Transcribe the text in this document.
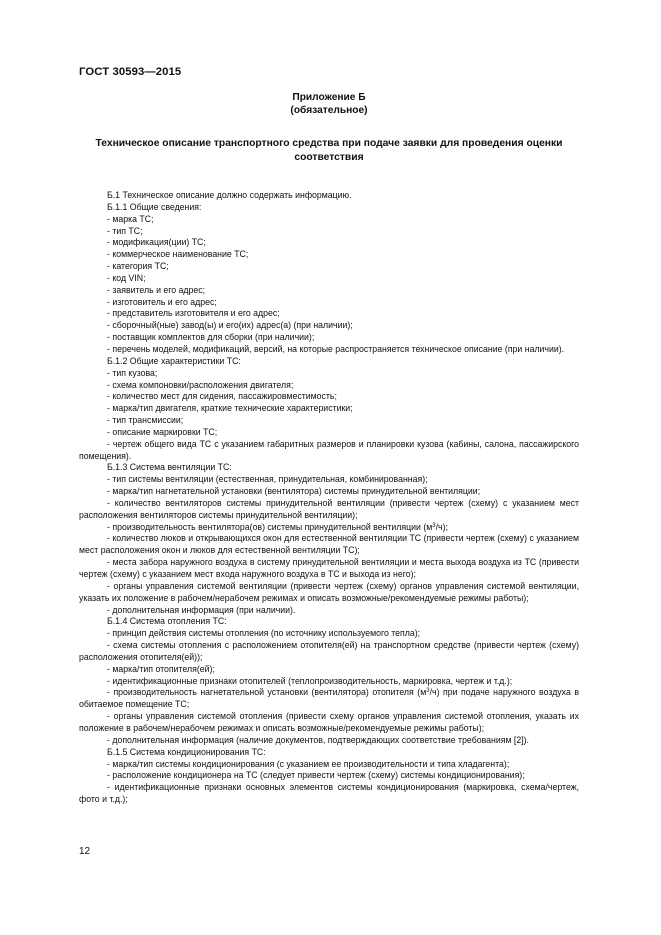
ГОСТ 30593—2015
Приложение Б
(обязательное)
Техническое описание транспортного средства при подаче заявки для проведения оценки соответствия

Б.1 Техническое описание должно содержать информацию.

Б.1.1 Общие сведения:

- марка ТС;

- тип ТС;

- модификация(ции) ТС;

- коммерческое наименование ТС;

- категория ТС;

- код VIN;

- заявитель и его адрес;

- изготовитель и его адрес;

- представитель изготовителя и его адрес;

- сборочный(ные) завод(ы) и его(их) адрес(а) (при наличии);

- поставщик комплектов для сборки (при наличии);

- перечень моделей, модификаций, версий, на которые распространяется техническое описание (при наличии).

Б.1.2 Общие характеристики ТС:

- тип кузова;

- схема компоновки/расположения двигателя;

- количество мест для сидения, пассажировместимость;

- марка/тип двигателя, краткие технические характеристики;

- тип трансмиссии;

- описание маркировки ТС;

- чертеж общего вида ТС с указанием габаритных размеров и планировки кузова (кабины, салона, пассажирского помещения).

Б.1.3 Система вентиляции ТС:

- тип системы вентиляции (естественная, принудительная, комбинированная);

- марка/тип нагнетательной установки (вентилятора) системы принудительной вентиляции;

- количество вентиляторов системы принудительной вентиляции (привести чертеж (схему) с указанием мест расположения вентиляторов системы принудительной вентиляции);

- производительность вентилятора(ов) системы принудительной вентиляции $(м^3/ч)$;

- количество люков и открывающихся окон для естественной вентиляции ТС (привести чертеж (схему) с указанием мест расположения окон и люков для естественной вентиляции ТС);

- места забора наружного воздуха в систему принудительной вентиляции и места выхода воздуха из ТС (привести чертеж (схему) с указанием мест входа наружного воздуха в ТС и выхода из него);

- органы управления системой вентиляции (привести чертеж (схему) органов управления системой вентиляции, указать их положение в рабочем/нерабочем режимах и описать возможные/рекомендуемые режимы работы);

- дополнительная информация (при наличии).

Б.1.4 Система отопления ТС:

- принцип действия системы отопления (по источнику используемого тепла);

- схема системы отопления с расположением отопителя(ей) на транспортном средстве (привести чертеж (схему) расположения отопителя(ей));

- марка/тип отопителя(ей);

- идентификационные признаки отопителей (теплопроизводительность, маркировка, чертеж и т.д.);

- производительность нагнетательной установки (вентилятора) отопителя $(м^3/ч)$ при подаче наружного воздуха в обитаемое помещение ТС;

- органы управления системой отопления (привести схему органов управления системой отопления, указать их положение в рабочем/нерабочем режимах и описать возможные/рекомендуемые режимы работы);

- дополнительная информация (наличие документов, подтверждающих соответствие требованиям [2]).

Б.1.5 Система кондиционирования ТС:

- марка/тип системы кондиционирования (с указанием ее производительности и типа хладагента);

- расположение кондиционера на ТС (следует привести чертеж (схему) системы кондиционирования);

- идентификационные признаки основных элементов системы кондиционирования (маркировка, схема/чертеж, фото и т.д.);

12
